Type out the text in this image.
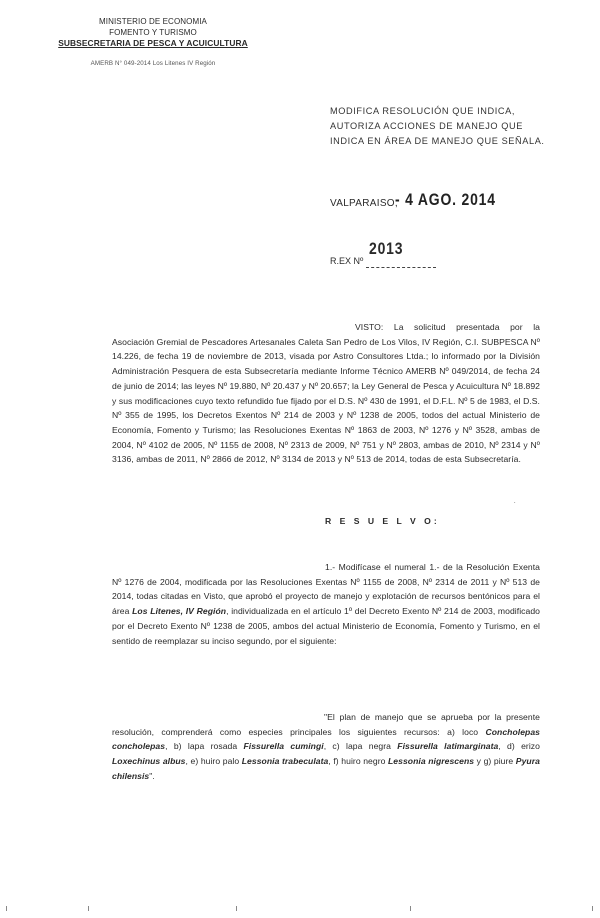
MINISTERIO DE ECONOMIA
FOMENTO Y TURISMO
SUBSECRETARIA DE PESCA Y ACUICULTURA
AMERB N° 049-2014 Los Litenes IV Región
MODIFICA RESOLUCIÓN QUE INDICA, AUTORIZA ACCIONES DE MANEJO QUE INDICA EN ÁREA DE MANEJO QUE SEÑALA.
VALPARAISO,
- 4 AGO. 2014
R.EX Nº
2013
VISTO: La solicitud presentada por la Asociación Gremial de Pescadores Artesanales Caleta San Pedro de Los Vilos, IV Región, C.I. SUBPESCA Nº 14.226, de fecha 19 de noviembre de 2013, visada por Astro Consultores Ltda.; lo informado por la División Administración Pesquera de esta Subsecretaría mediante Informe Técnico AMERB Nº 049/2014, de fecha 24 de junio de 2014; las leyes Nº 19.880, Nº 20.437 y Nº 20.657; la Ley General de Pesca y Acuicultura Nº 18.892 y sus modificaciones cuyo texto refundido fue fijado por el D.S. Nº 430 de 1991, el D.F.L. Nº 5 de 1983, el D.S. Nº 355 de 1995, los Decretos Exentos Nº 214 de 2003 y Nº 1238 de 2005, todos del actual Ministerio de Economía, Fomento y Turismo; las Resoluciones Exentas Nº 1863 de 2003, Nº 1276 y Nº 3528, ambas de 2004, Nº 4102 de 2005, Nº 1155 de 2008, Nº 2313 de 2009, Nº 751 y Nº 2803, ambas de 2010, Nº 2314 y Nº 3136, ambas de 2011, Nº 2866 de 2012, Nº 3134 de 2013 y Nº 513 de 2014, todas de esta Subsecretaría.
·
R E S U E L V O:
1.- Modifícase el numeral 1.- de la Resolución Exenta Nº 1276 de 2004, modificada por las Resoluciones Exentas Nº 1155 de 2008, Nº 2314 de 2011 y Nº 513 de 2014, todas citadas en Visto, que aprobó el proyecto de manejo y explotación de recursos bentónicos para el área Los Litenes, IV Región, individualizada en el artículo 1º del Decreto Exento Nº 214 de 2003, modificado por el Decreto Exento Nº 1238 de 2005, ambos del actual Ministerio de Economía, Fomento y Turismo, en el sentido de reemplazar su inciso segundo, por el siguiente:
"El plan de manejo que se aprueba por la presente resolución, comprenderá como especies principales los siguientes recursos: a) loco Concholepas concholepas, b) lapa rosada Fissurella cumingi, c) lapa negra Fissurella latimarginata, d) erizo Loxechinus albus, e) huiro palo Lessonia trabeculata, f) huiro negro Lessonia nigrescens y g) piure Pyura chilensis".
